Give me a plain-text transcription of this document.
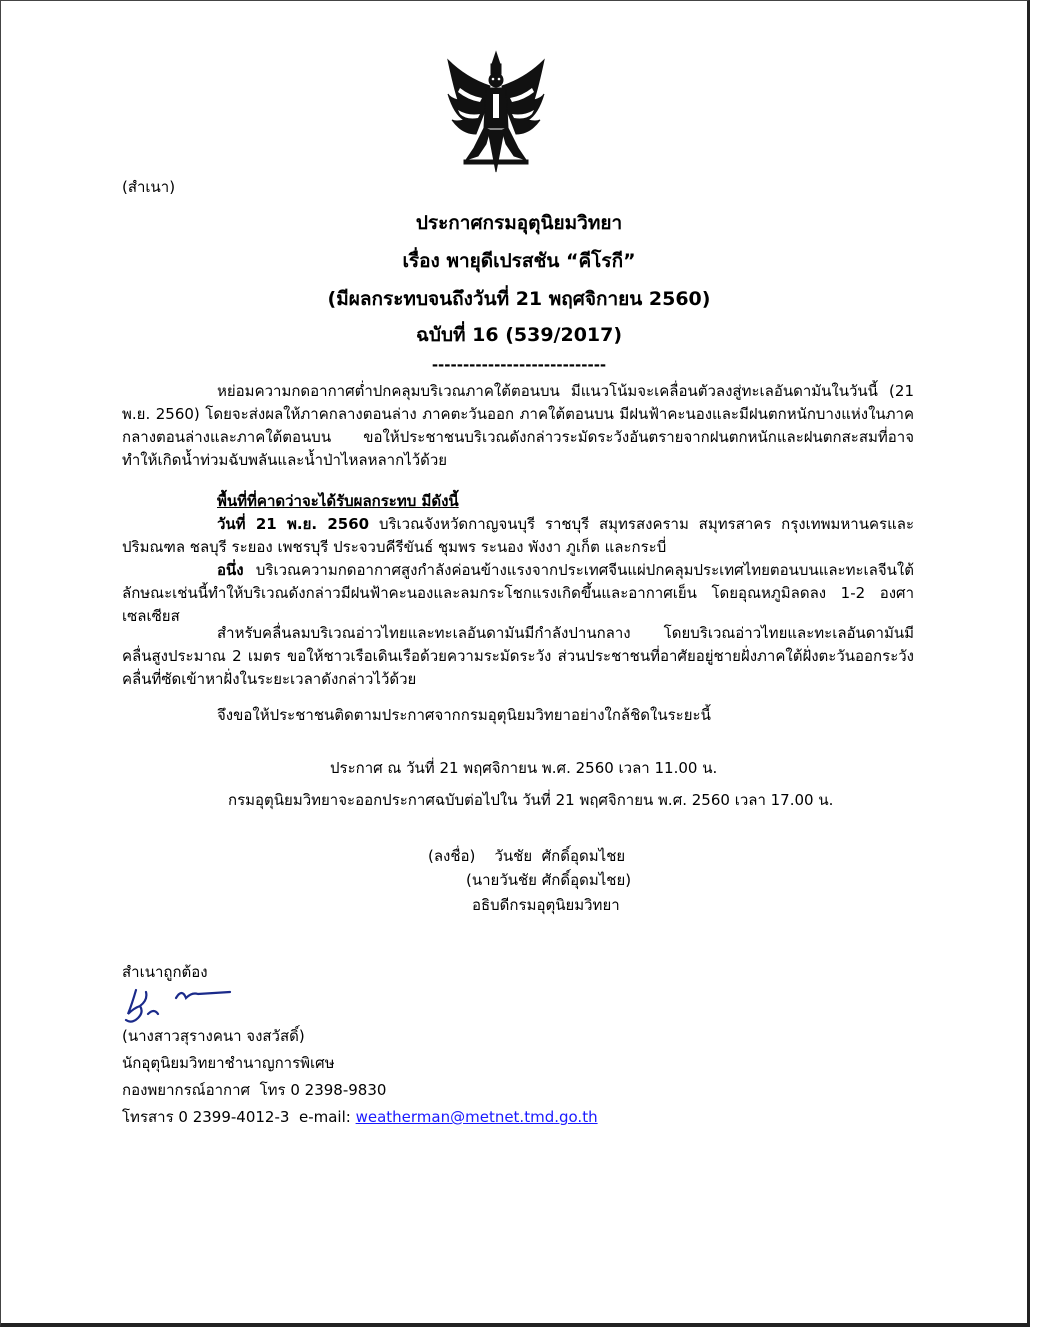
(สำเนา)
ประกาศกรมอุตุนิยมวิทยา
เรื่อง พายุดีเปรสชัน “คีโรกี”
(มีผลกระทบจนถึงวันที่ 21 พฤศจิกายน 2560)
ฉบับที่ 16 (539/2017)
----------------------------
หย่อมความกดอากาศต่ำปกคลุมบริเวณภาคใต้ตอนบน มีแนวโน้มจะเคลื่อนตัวลงสู่ทะเลอันดามันในวันนี้ (21 พ.ย. 2560) โดยจะส่งผลให้ภาคกลางตอนล่าง ภาคตะวันออก ภาคใต้ตอนบน มีฝนฟ้าคะนองและมีฝนตกหนักบางแห่งในภาคกลางตอนล่างและภาคใต้ตอนบน ขอให้ประชาชนบริเวณดังกล่าวระมัดระวังอันตรายจากฝนตกหนักและฝนตกสะสมที่อาจทำให้เกิดน้ำท่วมฉับพลันและน้ำป่าไหลหลากไว้ด้วย
พื้นที่ที่คาดว่าจะได้รับผลกระทบ มีดังนี้
วันที่ 21 พ.ย. 2560 บริเวณจังหวัดกาญจนบุรี ราชบุรี สมุทรสงคราม สมุทรสาคร กรุงเทพมหานครและปริมณฑล ชลบุรี ระยอง เพชรบุรี ประจวบคีรีขันธ์ ชุมพร ระนอง พังงา ภูเก็ต และกระบี่
อนึ่ง บริเวณความกดอากาศสูงกำลังค่อนข้างแรงจากประเทศจีนแผ่ปกคลุมประเทศไทยตอนบนและทะเลจีนใต้ ลักษณะเช่นนี้ทำให้บริเวณดังกล่าวมีฝนฟ้าคะนองและลมกระโชกแรงเกิดขึ้นและอากาศเย็น โดยอุณหภูมิลดลง 1-2 องศาเซลเซียส
สำหรับคลื่นลมบริเวณอ่าวไทยและทะเลอันดามันมีกำลังปานกลาง โดยบริเวณอ่าวไทยและทะเลอันดามันมีคลื่นสูงประมาณ 2 เมตร ขอให้ชาวเรือเดินเรือด้วยความระมัดระวัง ส่วนประชาชนที่อาศัยอยู่ชายฝั่งภาคใต้ฝั่งตะวันออกระวังคลื่นที่ซัดเข้าหาฝั่งในระยะเวลาดังกล่าวไว้ด้วย
จึงขอให้ประชาชนติดตามประกาศจากกรมอุตุนิยมวิทยาอย่างใกล้ชิดในระยะนี้
ประกาศ ณ วันที่ 21 พฤศจิกายน พ.ศ. 2560 เวลา 11.00 น.
กรมอุตุนิยมวิทยาจะออกประกาศฉบับต่อไปใน วันที่ 21 พฤศจิกายน พ.ศ. 2560 เวลา 17.00 น.
(ลงชื่อ)    วันชัย  ศักดิ์อุดมไชย
(นายวันชัย ศักดิ์อุดมไชย)
อธิบดีกรมอุตุนิยมวิทยา
สำเนาถูกต้อง
(นางสาวสุรางคนา จงสวัสดิ์)
นักอุตุนิยมวิทยาชำนาญการพิเศษ
กองพยากรณ์อากาศ  โทร 0 2398-9830
โทรสาร 0 2399-4012-3  e-mail: weatherman@metnet.tmd.go.th
